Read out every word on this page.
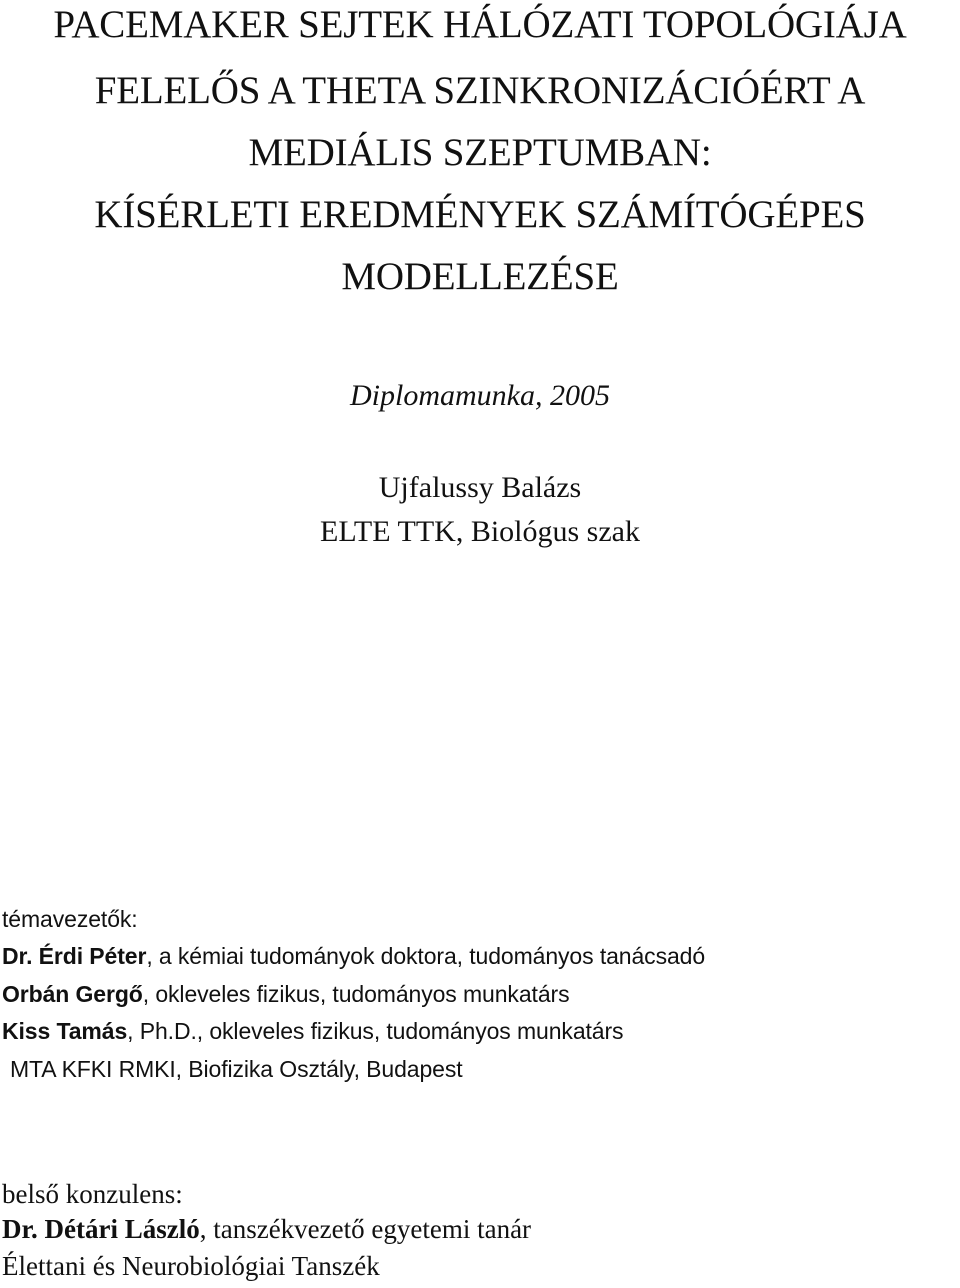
PACEMAKER SEJTEK HÁLÓZATI TOPOLÓGIÁJA
FELELŐS A THETA SZINKRONIZÁCIÓÉRT A
MEDIÁLIS SZEPTUMBAN:
KÍSÉRLETI EREDMÉNYEK SZÁMÍTÓGÉPES
MODELLEZÉSE
Diplomamunka, 2005
Ujfalussy Balázs
ELTE TTK, Biológus szak
témavezetők:
Dr. Érdi Péter, a kémiai tudományok doktora, tudományos tanácsadó
Orbán Gergő, okleveles fizikus, tudományos munkatárs
Kiss Tamás, Ph.D., okleveles fizikus, tudományos munkatárs
MTA KFKI RMKI, Biofizika Osztály, Budapest
belső konzulens:
Dr. Détári László, tanszékvezető egyetemi tanár
Élettani és Neurobiológiai Tanszék
